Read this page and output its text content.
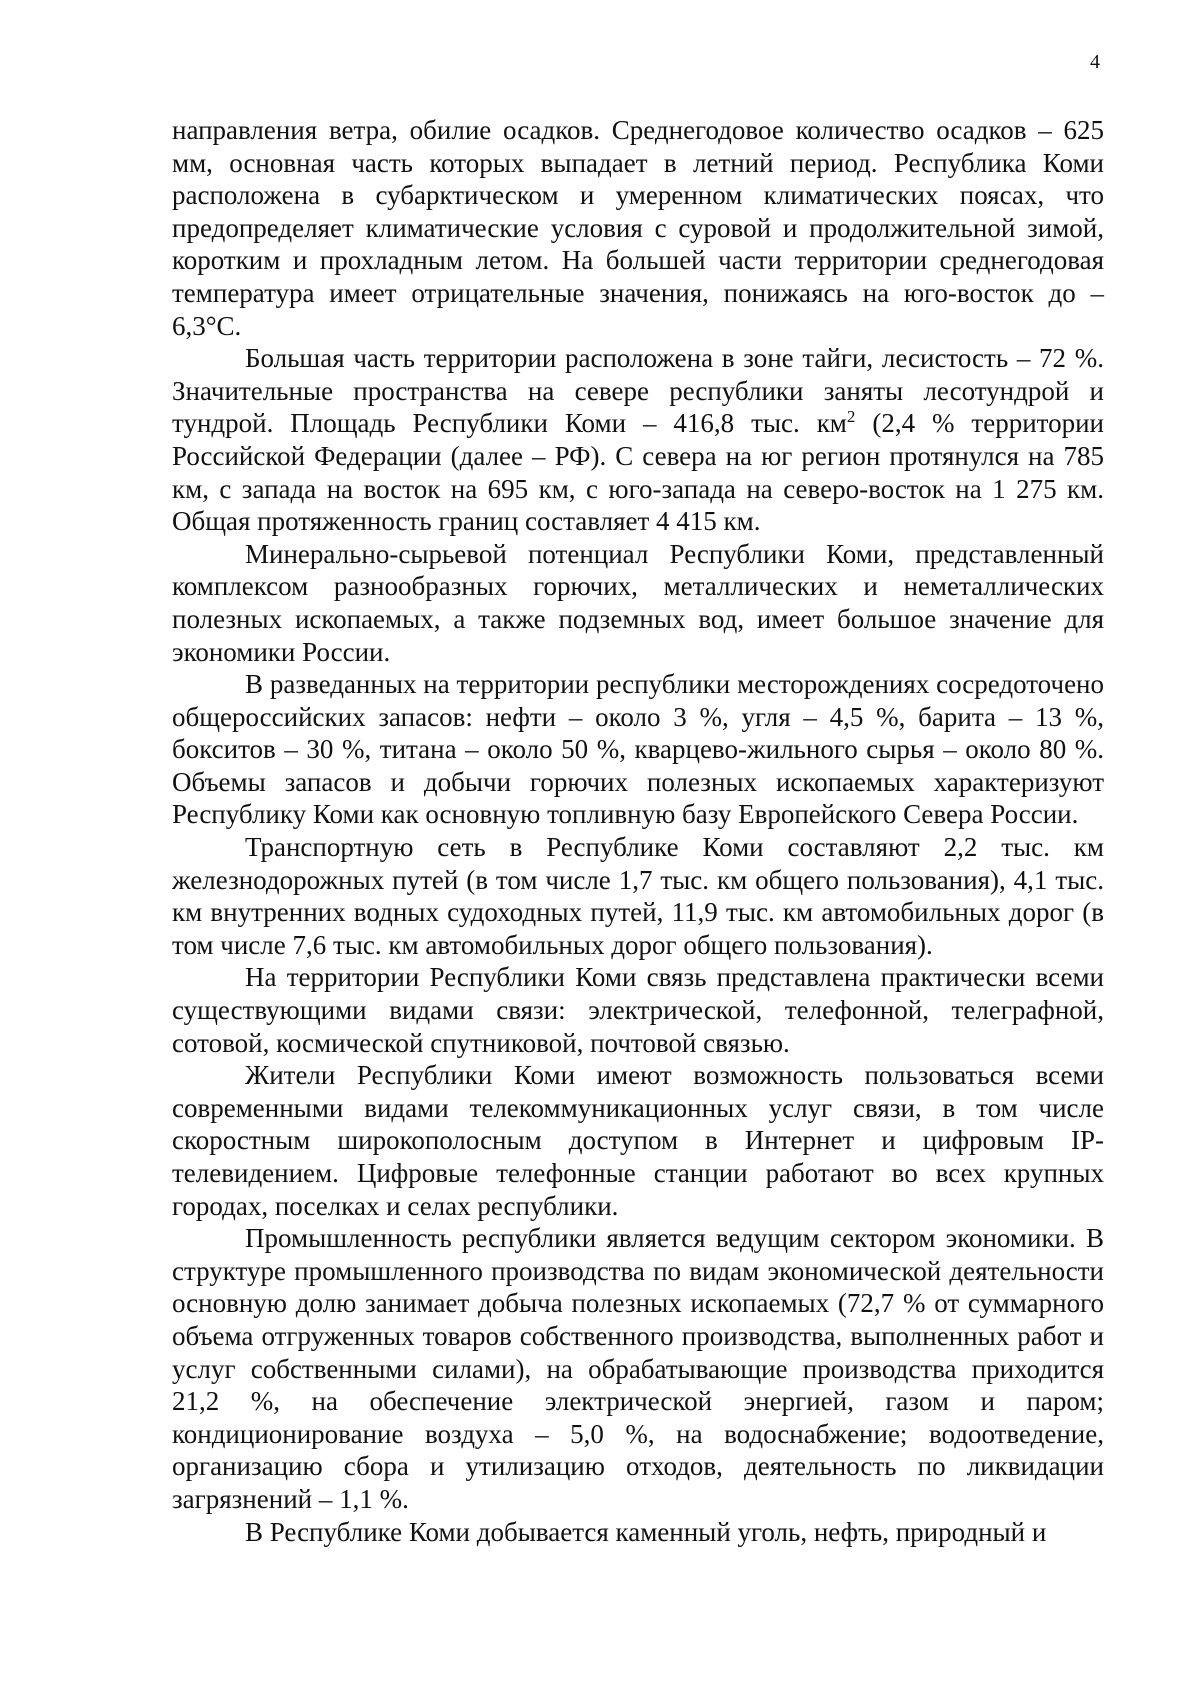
4

направления ветра, обилие осадков. Среднегодовое количество осадков – 625 мм, основная часть которых выпадает в летний период. Республика Коми расположена в субарктическом и умеренном климатических поясах, что предопределяет климатические условия с суровой и продолжительной зимой, коротким и прохладным летом. На большей части территории среднегодовая температура имеет отрицательные значения, понижаясь на юго-восток до – 6,3°С.

Большая часть территории расположена в зоне тайги, лесистость – 72 %. Значительные пространства на севере республики заняты лесотундрой и тундрой. Площадь Республики Коми – 416,8 тыс. $км^2$ (2,4 % территории Российской Федерации (далее – РФ). С севера на юг регион протянулся на 785 км, с запада на восток на 695 км, с юго-запада на северо-восток на 1 275 км. Общая протяженность границ составляет 4 415 км.

Минерально-сырьевой потенциал Республики Коми, представленный комплексом разнообразных горючих, металлических и неметаллических полезных ископаемых, а также подземных вод, имеет большое значение для экономики России.

В разведанных на территории республики месторождениях сосредоточено общероссийских запасов: нефти – около 3 %, угля – 4,5 %, барита – 13 %, бокситов – 30 %, титана – около 50 %, кварцево-жильного сырья – около 80 %. Объемы запасов и добычи горючих полезных ископаемых характеризуют Республику Коми как основную топливную базу Европейского Севера России.

Транспортную сеть в Республике Коми составляют 2,2 тыс. км железнодорожных путей (в том числе 1,7 тыс. км общего пользования), 4,1 тыс. км внутренних водных судоходных путей, 11,9 тыс. км автомобильных дорог (в том числе 7,6 тыс. км автомобильных дорог общего пользования).

На территории Республики Коми связь представлена практически всеми существующими видами связи: электрической, телефонной, телеграфной, сотовой, космической спутниковой, почтовой связью.

Жители Республики Коми имеют возможность пользоваться всеми современными видами телекоммуникационных услуг связи, в том числе скоростным широкополосным доступом в Интернет и цифровым IP-телевидением. Цифровые телефонные станции работают во всех крупных городах, поселках и селах республики.

Промышленность республики является ведущим сектором экономики. В структуре промышленного производства по видам экономической деятельности основную долю занимает добыча полезных ископаемых (72,7 % от суммарного объема отгруженных товаров собственного производства, выполненных работ и услуг собственными силами), на обрабатывающие производства приходится 21,2 %, на обеспечение электрической энергией, газом и паром; кондиционирование воздуха – 5,0 %, на водоснабжение; водоотведение, организацию сбора и утилизацию отходов, деятельность по ликвидации загрязнений – 1,1 %.

В Республике Коми добывается каменный уголь, нефть, природный и
